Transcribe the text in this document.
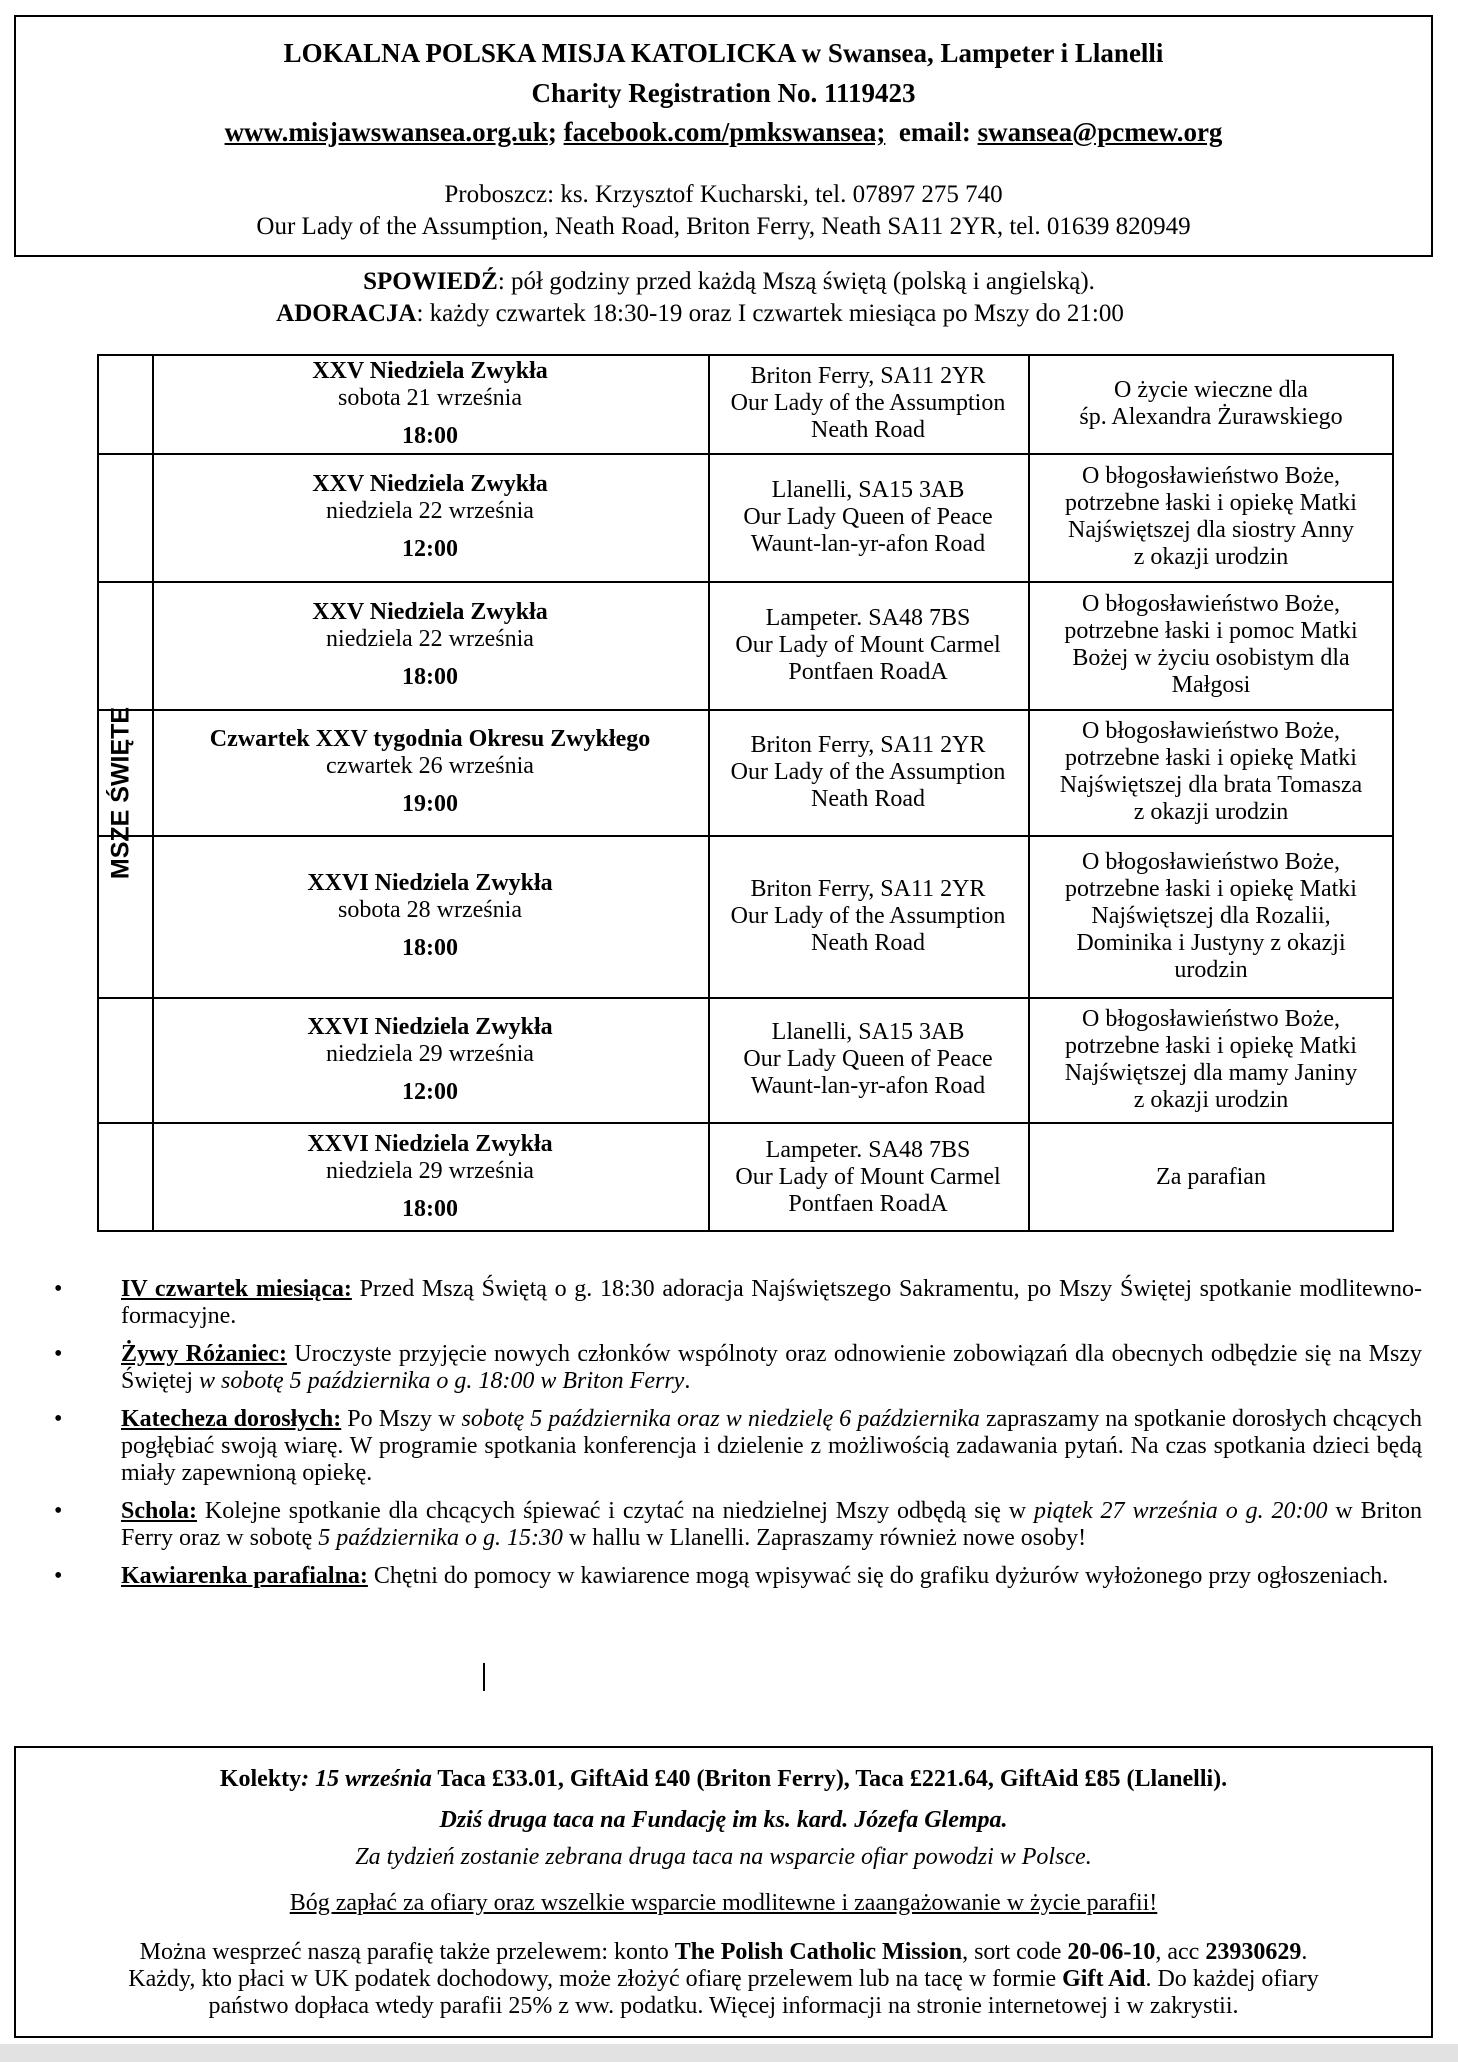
LOKALNA POLSKA MISJA KATOLICKA w Swansea, Lampeter i Llanelli
Charity Registration No. 1119423
www.misjawswansea.org.uk; facebook.com/pmkswansea; email: swansea@pcmew.org
Proboszcz: ks. Krzysztof Kucharski, tel. 07897 275 740
Our Lady of the Assumption, Neath Road, Briton Ferry, Neath SA11 2YR, tel. 01639 820949
SPOWIEDŹ: pół godziny przed każdą Mszą świętą (polską i angielską).
ADORACJA: każdy czwartek 18:30-19 oraz I czwartek miesiąca po Mszy do 21:00
MSZE ŚWIĘTE
XXV Niedziela Zwykła
sobota 21 września
18:00
Briton Ferry, SA11 2YR
Our Lady of the Assumption
Neath Road
O życie wieczne dla
śp. Alexandra Żurawskiego
XXV Niedziela Zwykła
niedziela 22 września
12:00
Llanelli, SA15 3AB
Our Lady Queen of Peace
Waunt-lan-yr-afon Road
O błogosławieństwo Boże,
potrzebne łaski i opiekę Matki
Najświętszej dla siostry Anny
z okazji urodzin
XXV Niedziela Zwykła
niedziela 22 września
18:00
Lampeter. SA48 7BS
Our Lady of Mount Carmel
Pontfaen RoadA
O błogosławieństwo Boże,
potrzebne łaski i pomoc Matki
Bożej w życiu osobistym dla
Małgosi
Czwartek XXV tygodnia Okresu Zwykłego
czwartek 26 września
19:00
Briton Ferry, SA11 2YR
Our Lady of the Assumption
Neath Road
O błogosławieństwo Boże,
potrzebne łaski i opiekę Matki
Najświętszej dla brata Tomasza
z okazji urodzin
XXVI Niedziela Zwykła
sobota 28 września
18:00
Briton Ferry, SA11 2YR
Our Lady of the Assumption
Neath Road
O błogosławieństwo Boże,
potrzebne łaski i opiekę Matki
Najświętszej dla Rozalii,
Dominika i Justyny z okazji
urodzin
XXVI Niedziela Zwykła
niedziela 29 września
12:00
Llanelli, SA15 3AB
Our Lady Queen of Peace
Waunt-lan-yr-afon Road
O błogosławieństwo Boże,
potrzebne łaski i opiekę Matki
Najświętszej dla mamy Janiny
z okazji urodzin
XXVI Niedziela Zwykła
niedziela 29 września
18:00
Lampeter. SA48 7BS
Our Lady of Mount Carmel
Pontfaen RoadA
Za parafian
• IV czwartek miesiąca: Przed Mszą Świętą o g. 18:30 adoracja Najświętszego Sakramentu, po Mszy Świętej spotkanie modlitewno-formacyjne.
• Żywy Różaniec: Uroczyste przyjęcie nowych członków wspólnoty oraz odnowienie zobowiązań dla obecnych odbędzie się na Mszy Świętej w sobotę 5 października o g. 18:00 w Briton Ferry.
• Katecheza dorosłych: Po Mszy w sobotę 5 października oraz w niedzielę 6 października zapraszamy na spotkanie dorosłych chcących pogłębiać swoją wiarę. W programie spotkania konferencja i dzielenie z możliwością zadawania pytań. Na czas spotkania dzieci będą miały zapewnioną opiekę.
• Schola: Kolejne spotkanie dla chcących śpiewać i czytać na niedzielnej Mszy odbędą się w piątek 27 września o g. 20:00 w Briton Ferry oraz w sobotę 5 października o g. 15:30 w hallu w Llanelli. Zapraszamy również nowe osoby!
• Kawiarenka parafialna: Chętni do pomocy w kawiarence mogą wpisywać się do grafiku dyżurów wyłożonego przy ogłoszeniach.
Kolekty: 15 września Taca £33.01, GiftAid £40 (Briton Ferry), Taca £221.64, GiftAid £85 (Llanelli).
Dziś druga taca na Fundację im ks. kard. Józefa Glempa.
Za tydzień zostanie zebrana druga taca na wsparcie ofiar powodzi w Polsce.
Bóg zapłać za ofiary oraz wszelkie wsparcie modlitewne i zaangażowanie w życie parafii!
Można wesprzeć naszą parafię także przelewem: konto The Polish Catholic Mission, sort code 20-06-10, acc 23930629.
Każdy, kto płaci w UK podatek dochodowy, może złożyć ofiarę przelewem lub na tacę w formie Gift Aid. Do każdej ofiary
państwo dopłaca wtedy parafii 25% z ww. podatku. Więcej informacji na stronie internetowej i w zakrystii.
